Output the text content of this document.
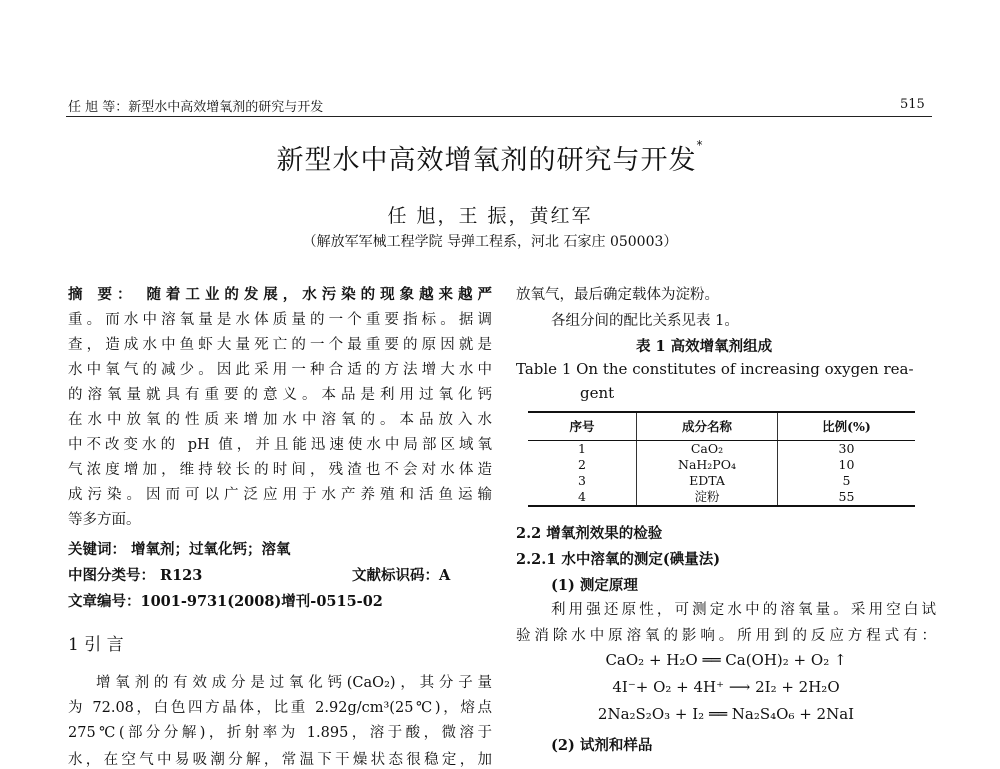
任 旭 等：新型水中高效增氧剂的研究与开发	515
新型水中高效增氧剂的研究与开发*
任 旭，王 振，黄红军
（解放军军械工程学院 导弹工程系，河北 石家庄 050003）
摘 要： 随着工业的发展，水污染的现象越来越严
重。而水中溶氧量是水体质量的一个重要指标。据调
查，造成水中鱼虾大量死亡的一个最重要的原因就是
水中氧气的减少。因此采用一种合适的方法增大水中
的溶氧量就具有重要的意义。本品是利用过氧化钙
在水中放氧的性质来增加水中溶氧的。本品放入水
中不改变水的 pH 值，并且能迅速使水中局部区域氧
气浓度增加，维持较长的时间，残渣也不会对水体造
成污染。因而可以广泛应用于水产养殖和活鱼运输
等多方面。
关键词： 增氧剂；过氧化钙；溶氧
中图分类号： R123	文献标识码：A
文章编号：1001-9731(2008)增刊-0515-02
1 引 言
增氧剂的有效成分是过氧化钙(CaO₂)，其分子量
为 72.08，白色四方晶体，比重 2.92g/cm³(25℃)，熔点
275℃(部分分解)，折射率为 1.895，溶于酸，微溶于
水，在空气中易吸潮分解，常温下干燥状态很稳定，加
放氧气，最后确定载体为淀粉。
各组分间的配比关系见表 1。
表 1 高效增氧剂组成
Table 1 On the constitutes of increasing oxygen rea-
gent
序号	成分名称	比例(%)
1	CaO₂	30
2	NaH₂PO₄	10
3	EDTA	5
4	淀粉	55
2.2 增氧剂效果的检验
2.2.1 水中溶氧的测定(碘量法)
(1) 测定原理
利用强还原性，可测定水中的溶氧量。采用空白试
验消除水中原溶氧的影响。所用到的反应方程式有：
CaO₂ + H₂O ══ Ca(OH)₂ + O₂ ↑
4I⁻+ O₂ + 4H⁺ ⟶ 2I₂ + 2H₂O
2Na₂S₂O₃ + I₂ ══ Na₂S₄O₆ + 2NaI
(2) 试剂和样品
